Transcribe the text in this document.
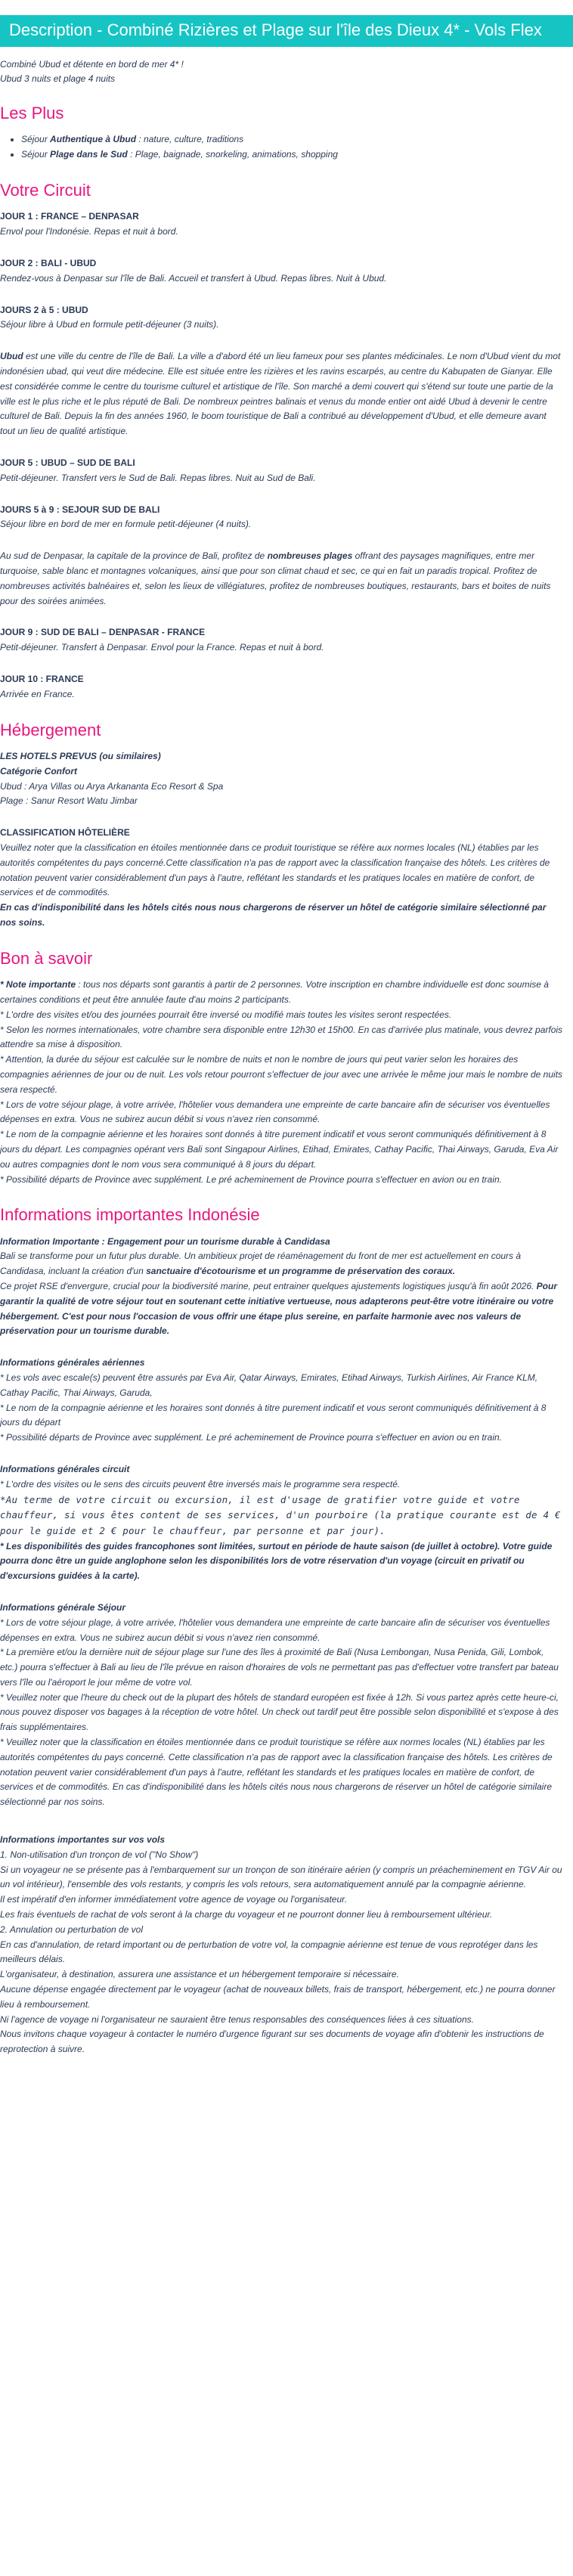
Description - Combiné Rizières et Plage sur l'île des Dieux 4* - Vols Flex

Combiné Ubud et détente en bord de mer 4* !

Ubud 3 nuits et plage 4 nuits

Les Plus
• Séjour Authentique à Ubud : nature, culture, traditions
• Séjour Plage dans le Sud : Plage, baignade, snorkeling, animations, shopping
Votre Circuit

JOUR 1 : FRANCE – DENPASAR

Envol pour l'Indonésie. Repas et nuit à bord.

JOUR 2 : BALI - UBUD

Rendez-vous à Denpasar sur l'île de Bali. Accueil et transfert à Ubud. Repas libres. Nuit à Ubud.

JOURS 2 à 5 : UBUD

Séjour libre à Ubud en formule petit-déjeuner (3 nuits).

Ubud est une ville du centre de l'île de Bali. La ville a d'abord été un lieu fameux pour ses plantes médicinales. Le nom d'Ubud vient du mot indonésien ubad, qui veut dire médecine. Elle est située entre les rizières et les ravins escarpés, au centre du Kabupaten de Gianyar. Elle est considérée comme le centre du tourisme culturel et artistique de l'île. Son marché a demi couvert qui s'étend sur toute une partie de la ville est le plus riche et le plus réputé de Bali. De nombreux peintres balinais et venus du monde entier ont aidé Ubud à devenir le centre culturel de Bali. Depuis la fin des années 1960, le boom touristique de Bali a contribué au développement d'Ubud, et elle demeure avant tout un lieu de qualité artistique.

JOUR 5 : UBUD – SUD DE BALI

Petit-déjeuner. Transfert vers le Sud de Bali. Repas libres. Nuit au Sud de Bali.

JOURS 5 à 9 : SEJOUR SUD DE BALI

Séjour libre en bord de mer en formule petit-déjeuner (4 nuits).

Au sud de Denpasar, la capitale de la province de Bali, profitez de nombreuses plages offrant des paysages magnifiques, entre mer turquoise, sable blanc et montagnes volcaniques, ainsi que pour son climat chaud et sec, ce qui en fait un paradis tropical. Profitez de nombreuses activités balnéaires et, selon les lieux de villégiatures, profitez de nombreuses boutiques, restaurants, bars et boites de nuits pour des soirées animées.

JOUR 9 : SUD DE BALI – DENPASAR - FRANCE

Petit-déjeuner. Transfert à Denpasar. Envol pour la France. Repas et nuit à bord.

JOUR 10 : FRANCE

Arrivée en France.

Hébergement

LES HOTELS PREVUS (ou similaires)

Catégorie Confort

Ubud : Arya Villas ou Arya Arkananta Eco Resort & Spa

Plage : Sanur Resort Watu Jimbar

CLASSIFICATION HÔTELIÈRE

Veuillez noter que la classification en étoiles mentionnée dans ce produit touristique se réfère aux normes locales (NL) établies par les autorités compétentes du pays concerné.Cette classification n'a pas de rapport avec la classification française des hôtels. Les critères de notation peuvent varier considérablement d'un pays à l'autre, reflétant les standards et les pratiques locales en matière de confort, de services et de commodités.

En cas d'indisponibilité dans les hôtels cités nous nous chargerons de réserver un hôtel de catégorie similaire sélectionné par nos soins.

Bon à savoir

* Note importante : tous nos départs sont garantis à partir de 2 personnes. Votre inscription en chambre individuelle est donc soumise à certaines conditions et peut être annulée faute d'au moins 2 participants.

* L'ordre des visites et/ou des journées pourrait être inversé ou modifié mais toutes les visites seront respectées.

* Selon les normes internationales, votre chambre sera disponible entre 12h30 et 15h00. En cas d'arrivée plus matinale, vous devrez parfois attendre sa mise à disposition.

* Attention, la durée du séjour est calculée sur le nombre de nuits et non le nombre de jours qui peut varier selon les horaires des compagnies aériennes de jour ou de nuit. Les vols retour pourront s'effectuer de jour avec une arrivée le même jour mais le nombre de nuits sera respecté.

* Lors de votre séjour plage, à votre arrivée, l'hôtelier vous demandera une empreinte de carte bancaire afin de sécuriser vos éventuelles dépenses en extra. Vous ne subirez aucun débit si vous n'avez rien consommé.

* Le nom de la compagnie aérienne et les horaires sont donnés à titre purement indicatif et vous seront communiqués définitivement à 8 jours du départ. Les compagnies opérant vers Bali sont Singapour Airlines, Etihad, Emirates, Cathay Pacific, Thai Airways, Garuda, Eva Air ou autres compagnies dont le nom vous sera communiqué à 8 jours du départ.

* Possibilité départs de Province avec supplément. Le pré acheminement de Province pourra s'effectuer en avion ou en train.

Informations importantes Indonésie

Information Importante : Engagement pour un tourisme durable à Candidasa

Bali se transforme pour un futur plus durable. Un ambitieux projet de réaménagement du front de mer est actuellement en cours à Candidasa, incluant la création d'un sanctuaire d'écotourisme et un programme de préservation des coraux.

Ce projet RSE d'envergure, crucial pour la biodiversité marine, peut entrainer quelques ajustements logistiques jusqu'à fin août 2026. Pour garantir la qualité de votre séjour tout en soutenant cette initiative vertueuse, nous adapterons peut-être votre itinéraire ou votre hébergement. C'est pour nous l'occasion de vous offrir une étape plus sereine, en parfaite harmonie avec nos valeurs de préservation pour un tourisme durable.

Informations générales aériennes

* Les vols avec escale(s) peuvent être assurés par Eva Air, Qatar Airways, Emirates, Etihad Airways, Turkish Airlines, Air France KLM, Cathay Pacific, Thai Airways, Garuda,

* Le nom de la compagnie aérienne et les horaires sont donnés à titre purement indicatif et vous seront communiqués définitivement à 8 jours du départ

* Possibilité départs de Province avec supplément. Le pré acheminement de Province pourra s'effectuer en avion ou en train.

Informations générales circuit

* L'ordre des visites ou le sens des circuits peuvent être inversés mais le programme sera respecté.

*Au terme de votre circuit ou excursion, il est d'usage de gratifier votre guide et votre chauffeur, si vous êtes content de ses services, d'un pourboire (la pratique courante est de 4 € pour le guide et 2 € pour le chauffeur, par personne et par jour).

* Les disponibilités des guides francophones sont limitées, surtout en période de haute saison (de juillet à octobre). Votre guide pourra donc être un guide anglophone selon les disponibilités lors de votre réservation d'un voyage (circuit en privatif ou d'excursions guidées à la carte).

Informations générale Séjour

* Lors de votre séjour plage, à votre arrivée, l'hôtelier vous demandera une empreinte de carte bancaire afin de sécuriser vos éventuelles dépenses en extra. Vous ne subirez aucun débit si vous n'avez rien consommé.

* La première et/ou la dernière nuit de séjour plage sur l'une des îles à proximité de Bali (Nusa Lembongan, Nusa Penida, Gili, Lombok, etc.) pourra s'effectuer à Bali au lieu de l'île prévue en raison d'horaires de vols ne permettant pas pas d'effectuer votre transfert par bateau vers l'île ou l'aéroport le jour même de votre vol.

* Veuillez noter que l'heure du check out de la plupart des hôtels de standard européen est fixée à 12h. Si vous partez après cette heure-ci, nous pouvez disposer vos bagages à la réception de votre hôtel. Un check out tardif peut être possible selon disponibilité et s'expose à des frais supplémentaires.

* Veuillez noter que la classification en étoiles mentionnée dans ce produit touristique se réfère aux normes locales (NL) établies par les autorités compétentes du pays concerné. Cette classification n'a pas de rapport avec la classification française des hôtels. Les critères de notation peuvent varier considérablement d'un pays à l'autre, reflétant les standards et les pratiques locales en matière de confort, de services et de commodités. En cas d'indisponibilité dans les hôtels cités nous nous chargerons de réserver un hôtel de catégorie similaire sélectionné par nos soins.

Informations importantes sur vos vols

1. Non-utilisation d'un tronçon de vol ("No Show")

Si un voyageur ne se présente pas à l'embarquement sur un tronçon de son itinéraire aérien (y compris un préacheminement en TGV Air ou un vol intérieur), l'ensemble des vols restants, y compris les vols retours, sera automatiquement annulé par la compagnie aérienne.

Il est impératif d'en informer immédiatement votre agence de voyage ou l'organisateur.

Les frais éventuels de rachat de vols seront à la charge du voyageur et ne pourront donner lieu à remboursement ultérieur.

2. Annulation ou perturbation de vol

En cas d'annulation, de retard important ou de perturbation de votre vol, la compagnie aérienne est tenue de vous reprotéger dans les meilleurs délais.

L'organisateur, à destination, assurera une assistance et un hébergement temporaire si nécessaire.

Aucune dépense engagée directement par le voyageur (achat de nouveaux billets, frais de transport, hébergement, etc.) ne pourra donner lieu à remboursement.

Ni l'agence de voyage ni l'organisateur ne sauraient être tenus responsables des conséquences liées à ces situations.

Nous invitons chaque voyageur à contacter le numéro d'urgence figurant sur ses documents de voyage afin d'obtenir les instructions de reprotection à suivre.
